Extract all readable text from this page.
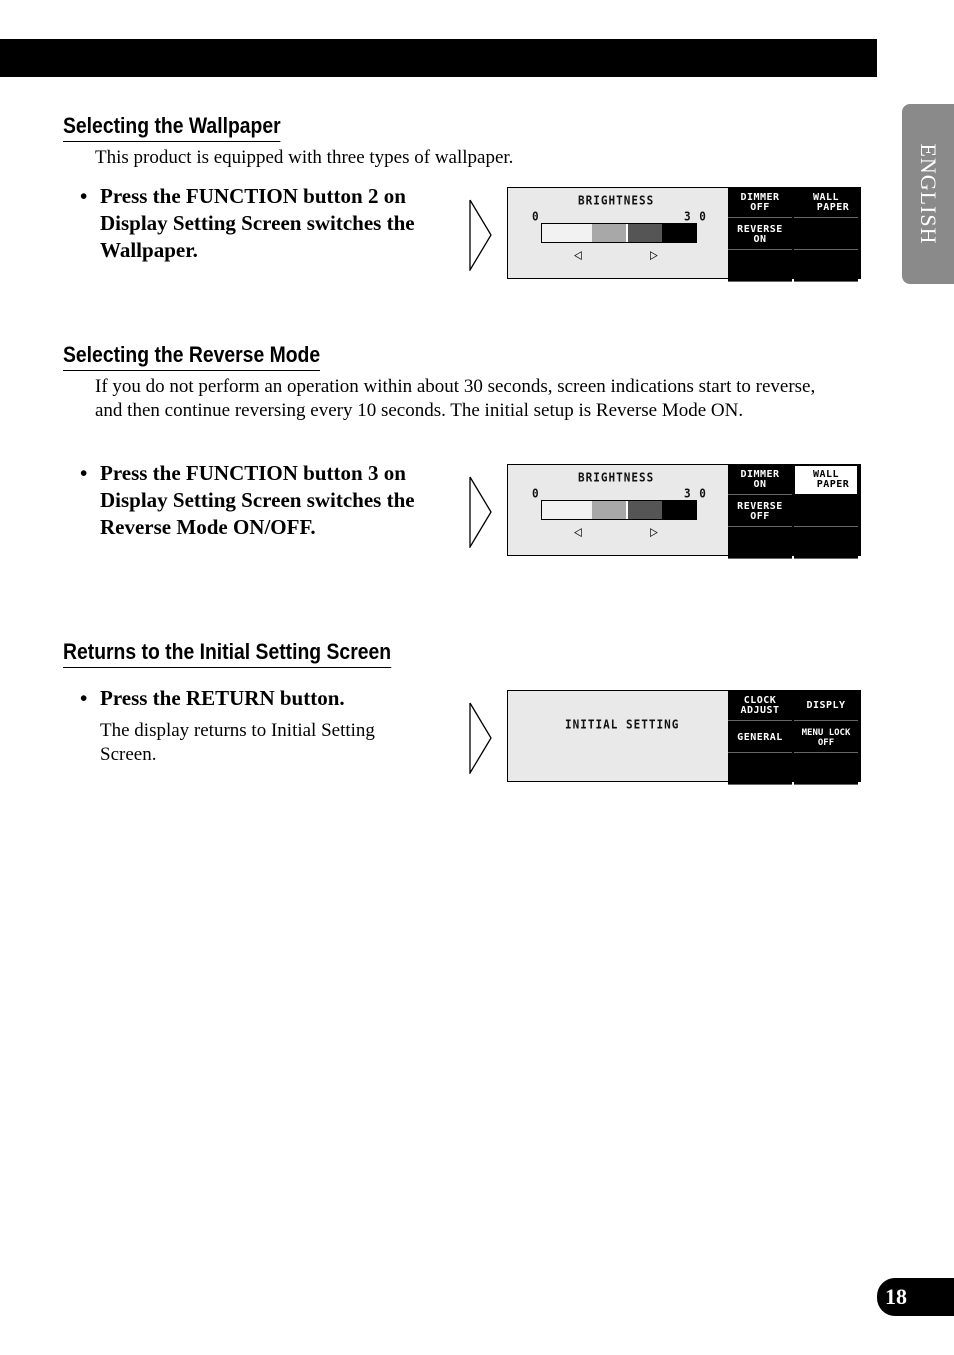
ENGLISH
Selecting the Wallpaper

This product is equipped with three types of wallpaper.

• Press the FUNCTION button 2 on Display Setting Screen switches the Wallpaper.
BRIGHTNESS
0	3 0
◁	▷
DIMMER
OFF
WALL
PAPER
REVERSE
ON
Selecting the Reverse Mode

If you do not perform an operation within about 30 seconds, screen indications start to reverse, and then continue reversing every 10 seconds. The initial setup is Reverse Mode ON.

• Press the FUNCTION button 3 on Display Setting Screen switches the Reverse Mode ON/OFF.
BRIGHTNESS
0	3 0
◁	▷
DIMMER
ON
WALL
PAPER
REVERSE
OFF
Returns to the Initial Setting Screen
• Press the RETURN button.

The display returns to Initial Setting Screen.

INITIAL SETTING
CLOCK
ADJUST	DISPLY
GENERAL MENU LOCK
OFF
18
